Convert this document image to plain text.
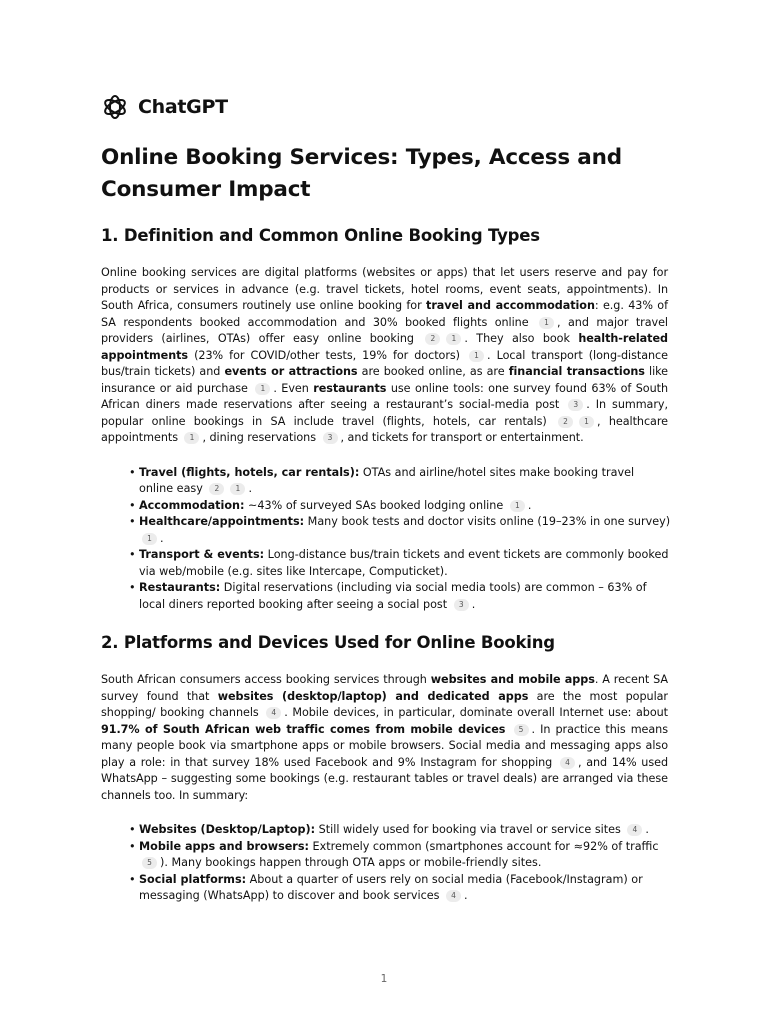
ChatGPT
Online Booking Services: Types, Access and Consumer Impact
1. Definition and Common Online Booking Types

Online booking services are digital platforms (websites or apps) that let users reserve and pay for products or services in advance (e.g. travel tickets, hotel rooms, event seats, appointments). In South Africa, consumers routinely use online booking for travel and accommodation: e.g. 43% of SA respondents booked accommodation and 30% booked flights online 1 , and major travel providers (airlines, OTAs) offer easy online booking 2 1 . They also book health-related appointments (23% for COVID/other tests, 19% for doctors) 1 . Local transport (long-distance bus/train tickets) and events or attractions are booked online, as are financial transactions like insurance or aid purchase 1 . Even restaurants use online tools: one survey found 63% of South African diners made reservations after seeing a restaurant’s social-media post 3 . In summary, popular online bookings in SA include travel (flights, hotels, car rentals) 2 1 , healthcare appointments 1 , dining reservations 3 , and tickets for transport or entertainment.

• Travel (flights, hotels, car rentals): OTAs and airline/hotel sites make booking travel online easy 2 1 .
• Accommodation: ~43% of surveyed SAs booked lodging online 1 .
• Healthcare/appointments: Many book tests and doctor visits online (19–23% in one survey) 1 .
• Transport & events: Long-distance bus/train tickets and event tickets are commonly booked via web/mobile (e.g. sites like Intercape, Computicket).
• Restaurants: Digital reservations (including via social media tools) are common – 63% of local diners reported booking after seeing a social post 3 .
2. Platforms and Devices Used for Online Booking

South African consumers access booking services through websites and mobile apps. A recent SA survey found that websites (desktop/laptop) and dedicated apps are the most popular shopping/ booking channels 4 . Mobile devices, in particular, dominate overall Internet use: about 91.7% of South African web traffic comes from mobile devices 5 . In practice this means many people book via smartphone apps or mobile browsers. Social media and messaging apps also play a role: in that survey 18% used Facebook and 9% Instagram for shopping 4 , and 14% used WhatsApp – suggesting some bookings (e.g. restaurant tables or travel deals) are arranged via these channels too. In summary:

• Websites (Desktop/Laptop): Still widely used for booking via travel or service sites 4 .
• Mobile apps and browsers: Extremely common (smartphones account for ≈92% of traffic 5 ). Many bookings happen through OTA apps or mobile-friendly sites.
• Social platforms: About a quarter of users rely on social media (Facebook/Instagram) or messaging (WhatsApp) to discover and book services 4 .
1
